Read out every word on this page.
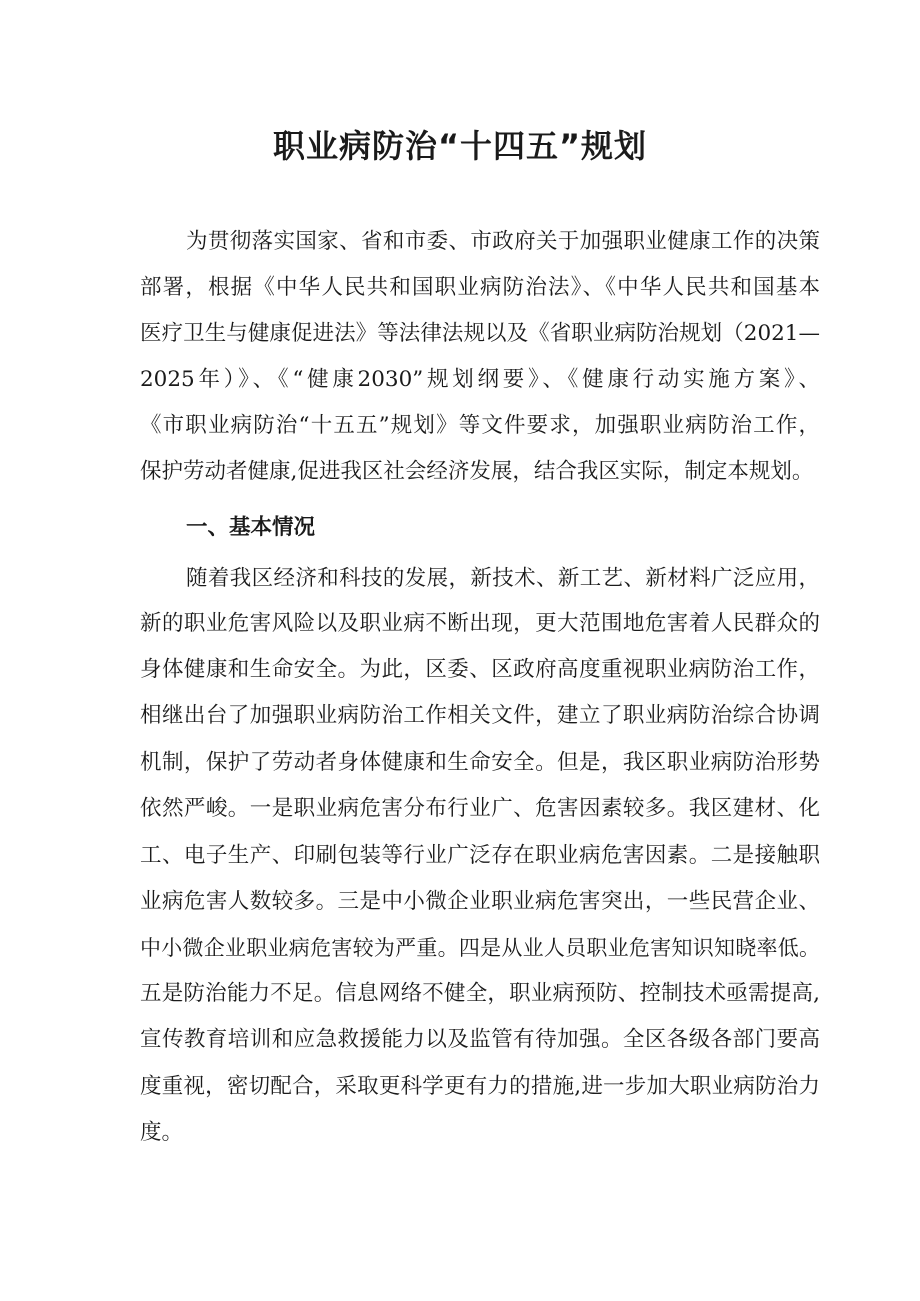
职业病防治“十四五”规划

为贯彻落实国家、省和市委、市政府关于加强职业健康工作的决策

部署，根据《中华人民共和国职业病防治法》、《中华人民共和国基本

医疗卫生与健康促进法》等法律法规以及《省职业病防治规划（2021—

2025年）》、《“健康2030”规划纲要》、《健康行动实施方案》、

《市职业病防治“十五五”规划》等文件要求，加强职业病防治工作，

保护劳动者健康,促进我区社会经济发展，结合我区实际，制定本规划。

一、基本情况

随着我区经济和科技的发展，新技术、新工艺、新材料广泛应用，

新的职业危害风险以及职业病不断出现，更大范围地危害着人民群众的

身体健康和生命安全。为此，区委、区政府高度重视职业病防治工作，

相继出台了加强职业病防治工作相关文件，建立了职业病防治综合协调

机制，保护了劳动者身体健康和生命安全。但是，我区职业病防治形势

依然严峻。一是职业病危害分布行业广、危害因素较多。我区建材、化

工、电子生产、印刷包装等行业广泛存在职业病危害因素。二是接触职

业病危害人数较多。三是中小微企业职业病危害突出，一些民营企业、

中小微企业职业病危害较为严重。四是从业人员职业危害知识知晓率低。

五是防治能力不足。信息网络不健全，职业病预防、控制技术亟需提高,

宣传教育培训和应急救援能力以及监管有待加强。全区各级各部门要高

度重视，密切配合，采取更科学更有力的措施,进一步加大职业病防治力

度。
